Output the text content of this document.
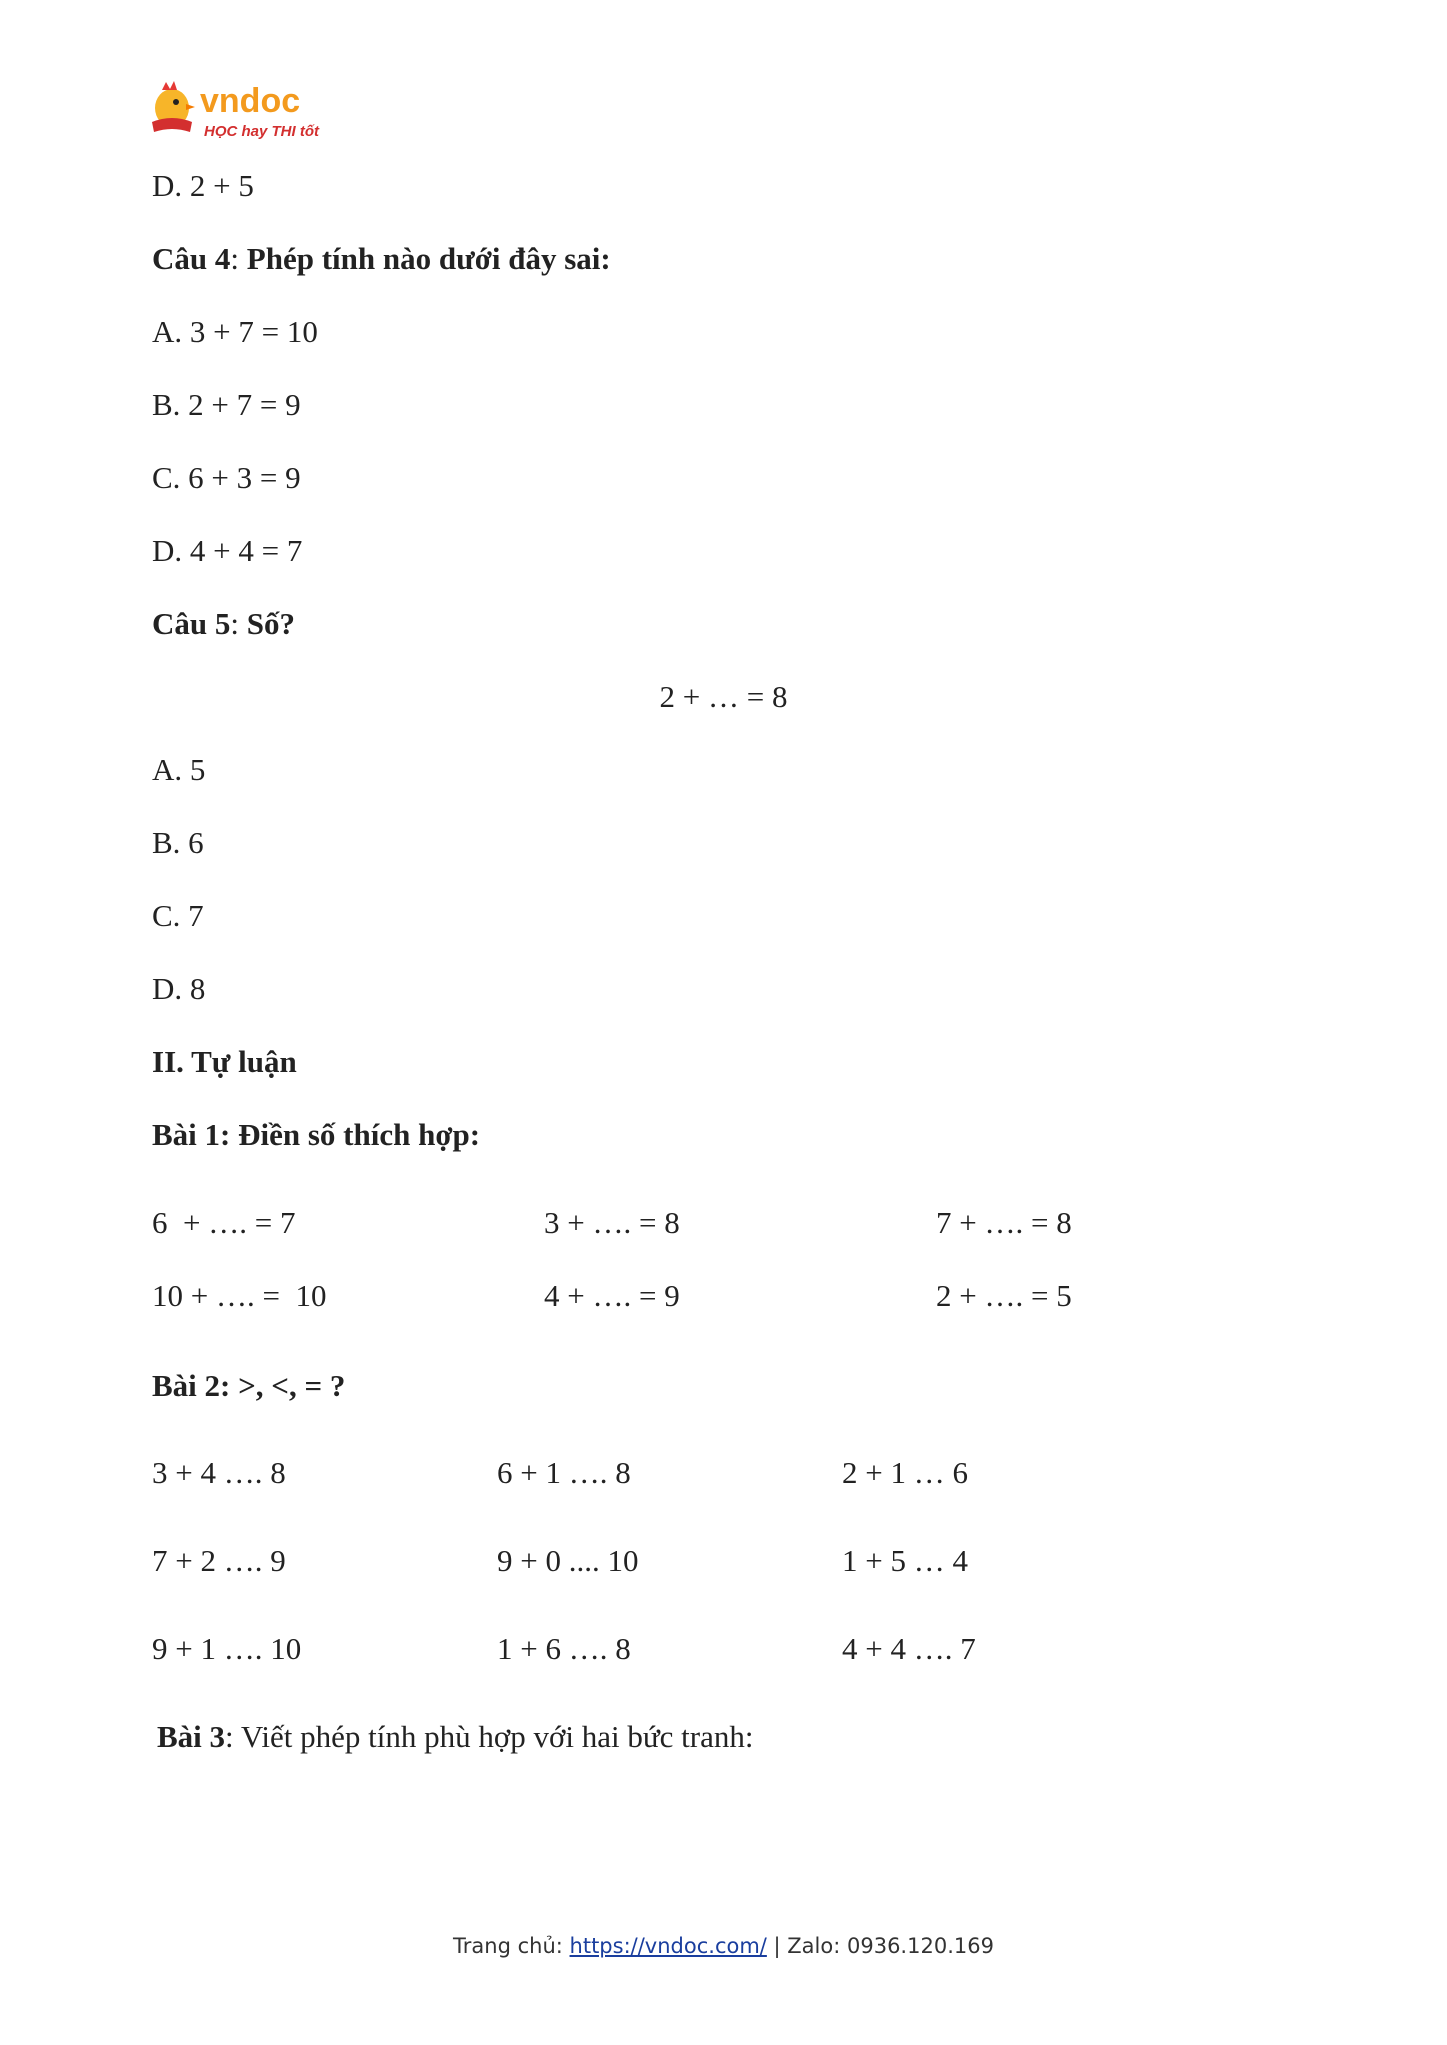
vndoc
HỌC hay THI tốt
D. 2 + 5
Câu 4: Phép tính nào dưới đây sai:
A. 3 + 7 = 10
B. 2 + 7 = 9
C. 6 + 3 = 9
D. 4 + 4 = 7
Câu 5: Số?
2 + … = 8
A. 5
B. 6
C. 7
D. 8
II. Tự luận
Bài 1: Điền số thích hợp:
6  + …. = 7	3 + …. = 8	7 + …. = 8
10 + …. =  10	4 + …. = 9	2 + …. = 5
Bài 2: >, <, = ?
3 + 4 …. 8	6 + 1 …. 8	2 + 1 … 6
7 + 2 …. 9	9 + 0 .... 10	1 + 5 … 4
9 + 1 …. 10	1 + 6 …. 8	4 + 4 …. 7
Bài 3: Viết phép tính phù hợp với hai bức tranh:
Trang chủ: https://vndoc.com/ | Zalo: 0936.120.169
